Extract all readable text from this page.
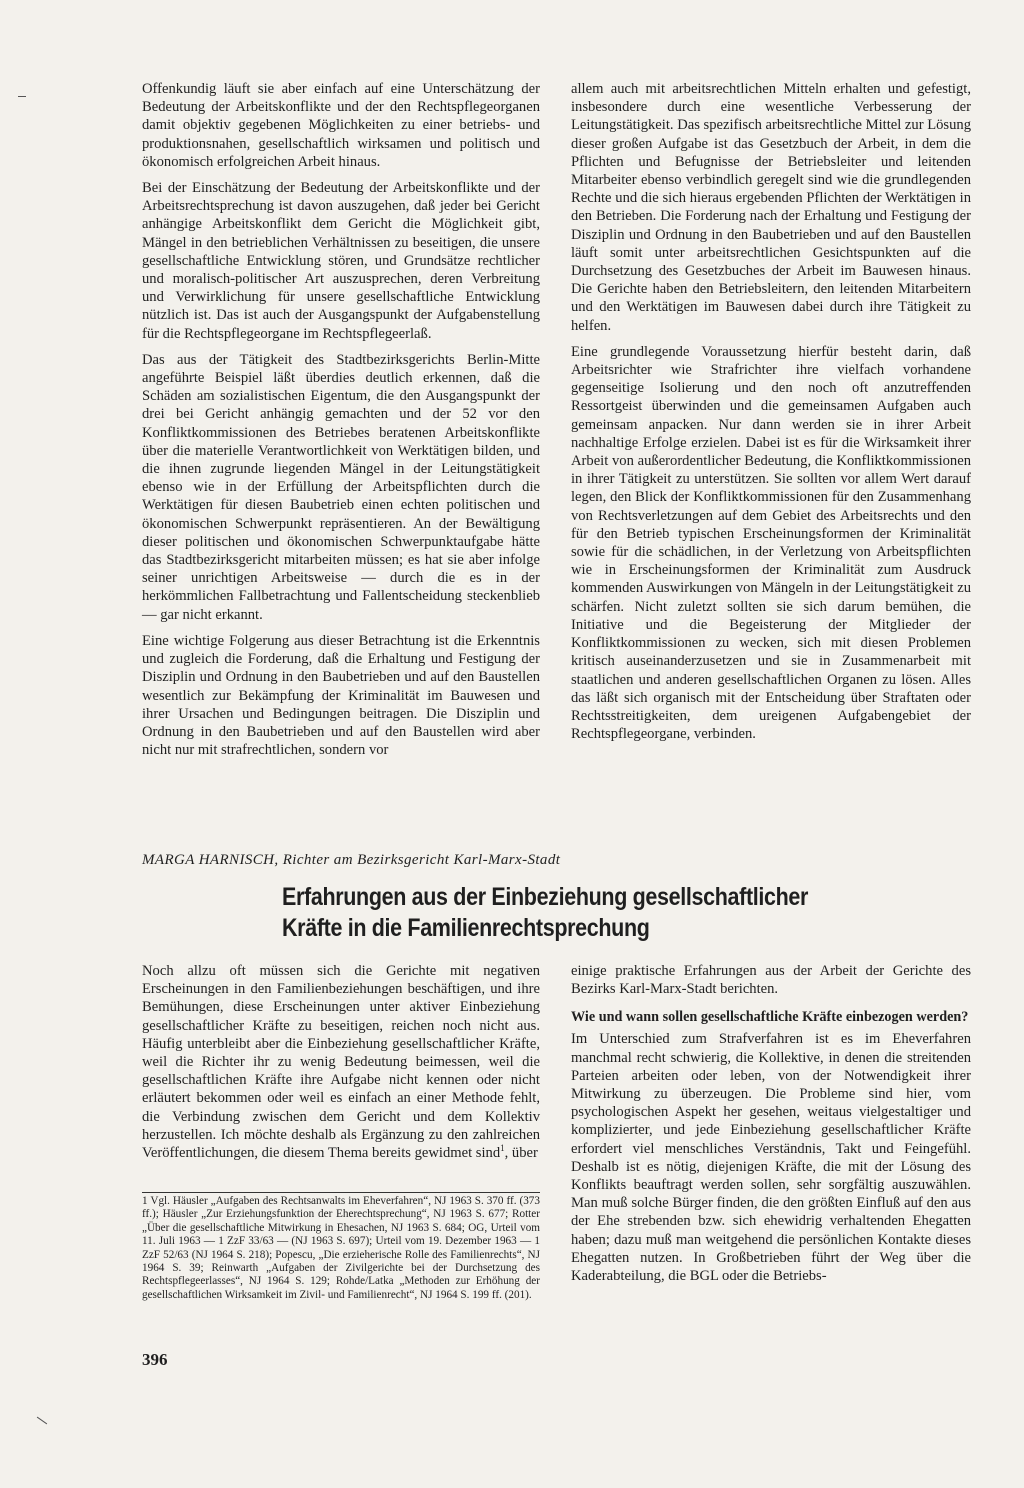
Offenkundig läuft sie aber einfach auf eine Unterschätzung der Bedeutung der Arbeitskonflikte und der den Rechtspflegeorganen damit objektiv gegebenen Möglichkeiten zu einer betriebs- und produktionsnahen, gesellschaftlich wirksamen und politisch und ökonomisch erfolgreichen Arbeit hinaus.

Bei der Einschätzung der Bedeutung der Arbeitskonflikte und der Arbeitsrechtsprechung ist davon auszugehen, daß jeder bei Gericht anhängige Arbeitskonflikt dem Gericht die Möglichkeit gibt, Mängel in den betrieblichen Verhältnissen zu beseitigen, die unsere gesellschaftliche Entwicklung stören, und Grundsätze rechtlicher und moralisch-politischer Art auszusprechen, deren Verbreitung und Verwirklichung für unsere gesellschaftliche Entwicklung nützlich ist. Das ist auch der Ausgangspunkt der Aufgabenstellung für die Rechtspflegeorgane im Rechtspflegeerlaß.

Das aus der Tätigkeit des Stadtbezirksgerichts Berlin-Mitte angeführte Beispiel läßt überdies deutlich erkennen, daß die Schäden am sozialistischen Eigentum, die den Ausgangspunkt der drei bei Gericht anhängig gemachten und der 52 vor den Konfliktkommissionen des Betriebes beratenen Arbeitskonflikte über die materielle Verantwortlichkeit von Werktätigen bilden, und die ihnen zugrunde liegenden Mängel in der Leitungstätigkeit ebenso wie in der Erfüllung der Arbeitspflichten durch die Werktätigen für diesen Baubetrieb einen echten politischen und ökonomischen Schwerpunkt repräsentieren. An der Bewältigung dieser politischen und ökonomischen Schwerpunktaufgabe hätte das Stadtbezirksgericht mitarbeiten müssen; es hat sie aber infolge seiner unrichtigen Arbeitsweise — durch die es in der herkömmlichen Fallbetrachtung und Fallentscheidung steckenblieb — gar nicht erkannt.

Eine wichtige Folgerung aus dieser Betrachtung ist die Erkenntnis und zugleich die Forderung, daß die Erhaltung und Festigung der Disziplin und Ordnung in den Baubetrieben und auf den Baustellen wesentlich zur Bekämpfung der Kriminalität im Bauwesen und ihrer Ursachen und Bedingungen beitragen. Die Disziplin und Ordnung in den Baubetrieben und auf den Baustellen wird aber nicht nur mit strafrechtlichen, sondern vor

allem auch mit arbeitsrechtlichen Mitteln erhalten und gefestigt, insbesondere durch eine wesentliche Verbesserung der Leitungstätigkeit. Das spezifisch arbeitsrechtliche Mittel zur Lösung dieser großen Aufgabe ist das Gesetzbuch der Arbeit, in dem die Pflichten und Befugnisse der Betriebsleiter und leitenden Mitarbeiter ebenso verbindlich geregelt sind wie die grundlegenden Rechte und die sich hieraus ergebenden Pflichten der Werktätigen in den Betrieben. Die Forderung nach der Erhaltung und Festigung der Disziplin und Ordnung in den Baubetrieben und auf den Baustellen läuft somit unter arbeitsrechtlichen Gesichtspunkten auf die Durchsetzung des Gesetzbuches der Arbeit im Bauwesen hinaus. Die Gerichte haben den Betriebsleitern, den leitenden Mitarbeitern und den Werktätigen im Bauwesen dabei durch ihre Tätigkeit zu helfen.

Eine grundlegende Voraussetzung hierfür besteht darin, daß Arbeitsrichter wie Strafrichter ihre vielfach vorhandene gegenseitige Isolierung und den noch oft anzutreffenden Ressortgeist überwinden und die gemeinsamen Aufgaben auch gemeinsam anpacken. Nur dann werden sie in ihrer Arbeit nachhaltige Erfolge erzielen. Dabei ist es für die Wirksamkeit ihrer Arbeit von außerordentlicher Bedeutung, die Konfliktkommissionen in ihrer Tätigkeit zu unterstützen. Sie sollten vor allem Wert darauf legen, den Blick der Konfliktkommissionen für den Zusammenhang von Rechtsverletzungen auf dem Gebiet des Arbeitsrechts und den für den Betrieb typischen Erscheinungsformen der Kriminalität sowie für die schädlichen, in der Verletzung von Arbeitspflichten wie in Erscheinungsformen der Kriminalität zum Ausdruck kommenden Auswirkungen von Mängeln in der Leitungstätigkeit zu schärfen. Nicht zuletzt sollten sie sich darum bemühen, die Initiative und die Begeisterung der Mitglieder der Konfliktkommissionen zu wecken, sich mit diesen Problemen kritisch auseinanderzusetzen und sie in Zusammenarbeit mit staatlichen und anderen gesellschaftlichen Organen zu lösen. Alles das läßt sich organisch mit der Entscheidung über Straftaten oder Rechtsstreitigkeiten, dem ureigenen Aufgabengebiet der Rechtspflegeorgane, verbinden.

MARGA HARNISCH, Richter am Bezirksgericht Karl-Marx-Stadt
Erfahrungen aus der Einbeziehung gesellschaftlicher
Kräfte in die Familienrechtsprechung

Noch allzu oft müssen sich die Gerichte mit negativen Erscheinungen in den Familienbeziehungen beschäftigen, und ihre Bemühungen, diese Erscheinungen unter aktiver Einbeziehung gesellschaftlicher Kräfte zu beseitigen, reichen noch nicht aus. Häufig unterbleibt aber die Einbeziehung gesellschaftlicher Kräfte, weil die Richter ihr zu wenig Bedeutung beimessen, weil die gesellschaftlichen Kräfte ihre Aufgabe nicht kennen oder nicht erläutert bekommen oder weil es einfach an einer Methode fehlt, die Verbindung zwischen dem Gericht und dem Kollektiv herzustellen. Ich möchte deshalb als Ergänzung zu den zahlreichen Veröffentlichungen, die diesem Thema bereits gewidmet sind$^1$, über

1 Vgl. Häusler „Aufgaben des Rechtsanwalts im Eheverfahren“, NJ 1963 S. 370 ff. (373 ff.); Häusler „Zur Erziehungsfunktion der Eherechtsprechung“, NJ 1963 S. 677; Rotter „Über die gesellschaftliche Mitwirkung in Ehesachen, NJ 1963 S. 684; OG, Urteil vom 11. Juli 1963 — 1 ZzF 33/63 — (NJ 1963 S. 697); Urteil vom 19. Dezember 1963 — 1 ZzF 52/63 (NJ 1964 S. 218); Popescu, „Die erzieherische Rolle des Familienrechts“, NJ 1964 S. 39; Reinwarth „Aufgaben der Zivilgerichte bei der Durchsetzung des Rechtspflegeerlasses“, NJ 1964 S. 129; Rohde/Latka „Methoden zur Erhöhung der gesellschaftlichen Wirksamkeit im Zivil- und Familienrecht“, NJ 1964 S. 199 ff. (201).

einige praktische Erfahrungen aus der Arbeit der Gerichte des Bezirks Karl-Marx-Stadt berichten.

Wie und wann sollen gesellschaftliche Kräfte einbezogen werden?

Im Unterschied zum Strafverfahren ist es im Eheverfahren manchmal recht schwierig, die Kollektive, in denen die streitenden Parteien arbeiten oder leben, von der Notwendigkeit ihrer Mitwirkung zu überzeugen. Die Probleme sind hier, vom psychologischen Aspekt her gesehen, weitaus vielgestaltiger und komplizierter, und jede Einbeziehung gesellschaftlicher Kräfte erfordert viel menschliches Verständnis, Takt und Feingefühl. Deshalb ist es nötig, diejenigen Kräfte, die mit der Lösung des Konflikts beauftragt werden sollen, sehr sorgfältig auszuwählen. Man muß solche Bürger finden, die den größten Einfluß auf den aus der Ehe strebenden bzw. sich ehewidrig verhaltenden Ehegatten haben; dazu muß man weitgehend die persönlichen Kontakte dieses Ehegatten nutzen. In Großbetrieben führt der Weg über die Kaderabteilung, die BGL oder die Betriebs-

396
